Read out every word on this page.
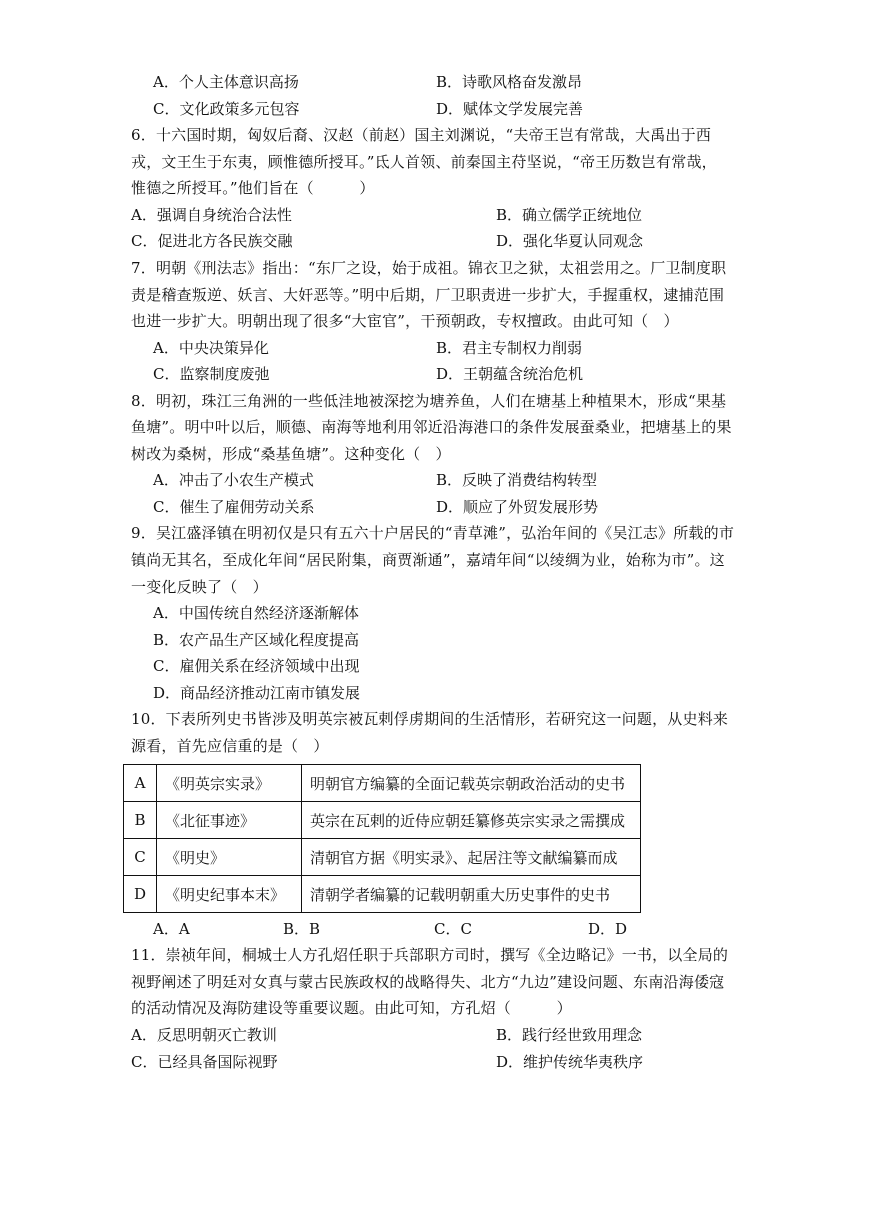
A．个人主体意识高扬	B．诗歌风格奋发激昂
C．文化政策多元包容	D．赋体文学发展完善
6．十六国时期，匈奴后裔、汉赵（前赵）国主刘渊说，“夫帝王岂有常哉，大禹出于西
戎，文王生于东夷，顾惟德所授耳。”氐人首领、前秦国主苻坚说，“帝王历数岂有常哉，
惟德之所授耳。”他们旨在（　　　）
A．强调自身统治合法性	B．确立儒学正统地位
C．促进北方各民族交融	D．强化华夏认同观念
7．明朝《刑法志》指出：“东厂之设，始于成祖。锦衣卫之狱，太祖尝用之。厂卫制度职
责是稽查叛逆、妖言、大奸恶等。”明中后期，厂卫职责进一步扩大，手握重权，逮捕范围
也进一步扩大。明朝出现了很多“大宦官”，干预朝政，专权擅政。由此可知（　）
A．中央决策异化	B．君主专制权力削弱
C．监察制度废弛	D．王朝蕴含统治危机
8．明初，珠江三角洲的一些低洼地被深挖为塘养鱼，人们在塘基上种植果木，形成“果基
鱼塘”。明中叶以后，顺德、南海等地利用邻近沿海港口的条件发展蚕桑业，把塘基上的果
树改为桑树，形成“桑基鱼塘”。这种变化（　）
A．冲击了小农生产模式	B．反映了消费结构转型
C．催生了雇佣劳动关系	D．顺应了外贸发展形势
9．吴江盛泽镇在明初仅是只有五六十户居民的“青草滩”，弘治年间的《吴江志》所载的市
镇尚无其名，至成化年间“居民附集，商贾渐通”，嘉靖年间“以绫绸为业，始称为市”。这
一变化反映了（　）
A．中国传统自然经济逐渐解体
B．农产品生产区域化程度提高
C．雇佣关系在经济领域中出现
D．商品经济推动江南市镇发展
10．下表所列史书皆涉及明英宗被瓦剌俘虏期间的生活情形，若研究这一问题，从史料来
源看，首先应信重的是（　）
A	《明英宗实录》	明朝官方编纂的全面记载英宗朝政治活动的史书
B	《北征事迹》	英宗在瓦剌的近侍应朝廷纂修英宗实录之需撰成
C	《明史》	清朝官方据《明实录》、起居注等文献编纂而成
D	《明史纪事本末》	清朝学者编纂的记载明朝重大历史事件的史书
A．A	B．B	C．C	D．D
11．崇祯年间，桐城士人方孔炤任职于兵部职方司时，撰写《全边略记》一书，以全局的
视野阐述了明廷对女真与蒙古民族政权的战略得失、北方“九边”建设问题、东南沿海倭寇
的活动情况及海防建设等重要议题。由此可知，方孔炤（　　　）
A．反思明朝灭亡教训	B．践行经世致用理念
C．已经具备国际视野	D．维护传统华夷秩序
